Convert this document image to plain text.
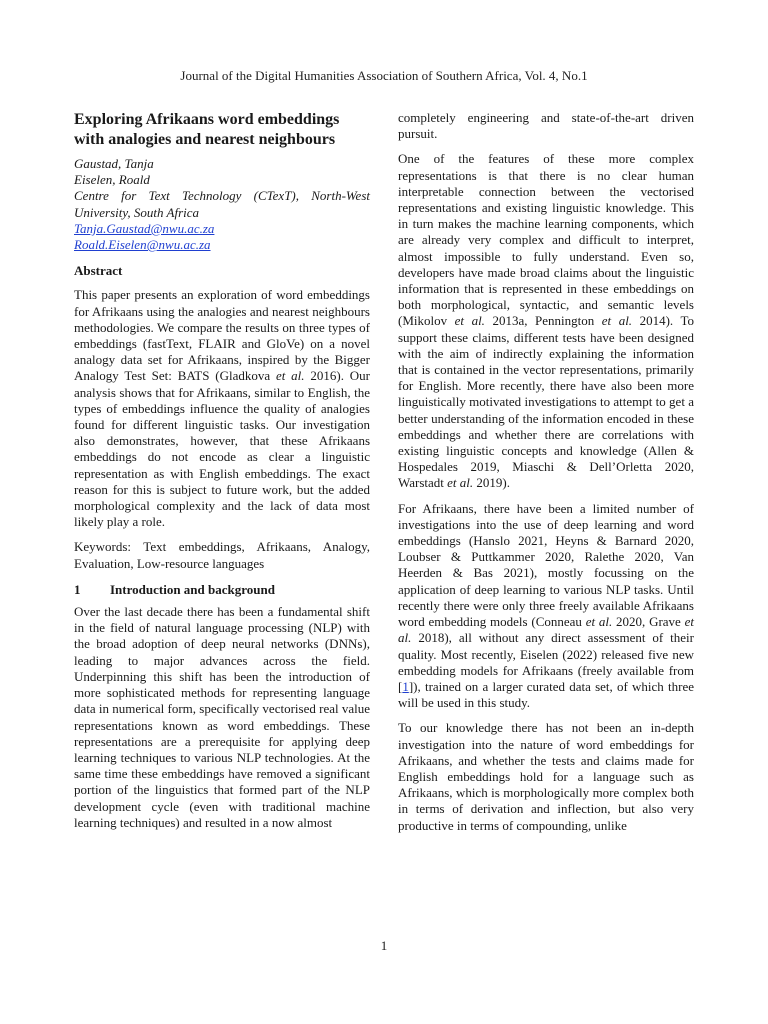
Journal of the Digital Humanities Association of Southern Africa, Vol. 4, No.1
Exploring Afrikaans word embeddings with analogies and nearest neighbours
Gaustad, Tanja
Eiselen, Roald
Centre for Text Technology (CTexT), North-West University, South Africa
Tanja.Gaustad@nwu.ac.za
Roald.Eiselen@nwu.ac.za
Abstract

This paper presents an exploration of word embeddings for Afrikaans using the analogies and nearest neighbours methodologies. We compare the results on three types of embeddings (fastText, FLAIR and GloVe) on a novel analogy data set for Afrikaans, inspired by the Bigger Analogy Test Set: BATS (Gladkova et al. 2016). Our analysis shows that for Afrikaans, similar to English, the types of embeddings influence the quality of analogies found for different linguistic tasks. Our investigation also demonstrates, however, that these Afrikaans embeddings do not encode as clear a linguistic representation as with English embeddings. The exact reason for this is subject to future work, but the added morphological complexity and the lack of data most likely play a role.

Keywords: Text embeddings, Afrikaans, Analogy, Evaluation, Low-resource languages

1 Introduction and background

Over the last decade there has been a fundamental shift in the field of natural language processing (NLP) with the broad adoption of deep neural networks (DNNs), leading to major advances across the field. Underpinning this shift has been the introduction of more sophisticated methods for representing language data in numerical form, specifically vectorised real value representations known as word embeddings. These representations are a prerequisite for applying deep learning techniques to various NLP technologies. At the same time these embeddings have removed a significant portion of the linguistics that formed part of the NLP development cycle (even with traditional machine learning techniques) and resulted in a now almost

completely engineering and state-of-the-art driven pursuit.

One of the features of these more complex representations is that there is no clear human interpretable connection between the vectorised representations and existing linguistic knowledge. This in turn makes the machine learning components, which are already very complex and difficult to interpret, almost impossible to fully understand. Even so, developers have made broad claims about the linguistic information that is represented in these embeddings on both morphological, syntactic, and semantic levels (Mikolov et al. 2013a, Pennington et al. 2014). To support these claims, different tests have been designed with the aim of indirectly explaining the information that is contained in the vector representations, primarily for English. More recently, there have also been more linguistically motivated investigations to attempt to get a better understanding of the information encoded in these embeddings and whether there are correlations with existing linguistic concepts and knowledge (Allen & Hospedales 2019, Miaschi & Dell’Orletta 2020, Warstadt et al. 2019).

For Afrikaans, there have been a limited number of investigations into the use of deep learning and word embeddings (Hanslo 2021, Heyns & Barnard 2020, Loubser & Puttkammer 2020, Ralethe 2020, Van Heerden & Bas 2021), mostly focussing on the application of deep learning to various NLP tasks. Until recently there were only three freely available Afrikaans word embedding models (Conneau et al. 2020, Grave et al. 2018), all without any direct assessment of their quality. Most recently, Eiselen (2022) released five new embedding models for Afrikaans (freely available from [1]), trained on a larger curated data set, of which three will be used in this study.

To our knowledge there has not been an in-depth investigation into the nature of word embeddings for Afrikaans, and whether the tests and claims made for English embeddings hold for a language such as Afrikaans, which is morphologically more complex both in terms of derivation and inflection, but also very productive in terms of compounding, unlike

1
